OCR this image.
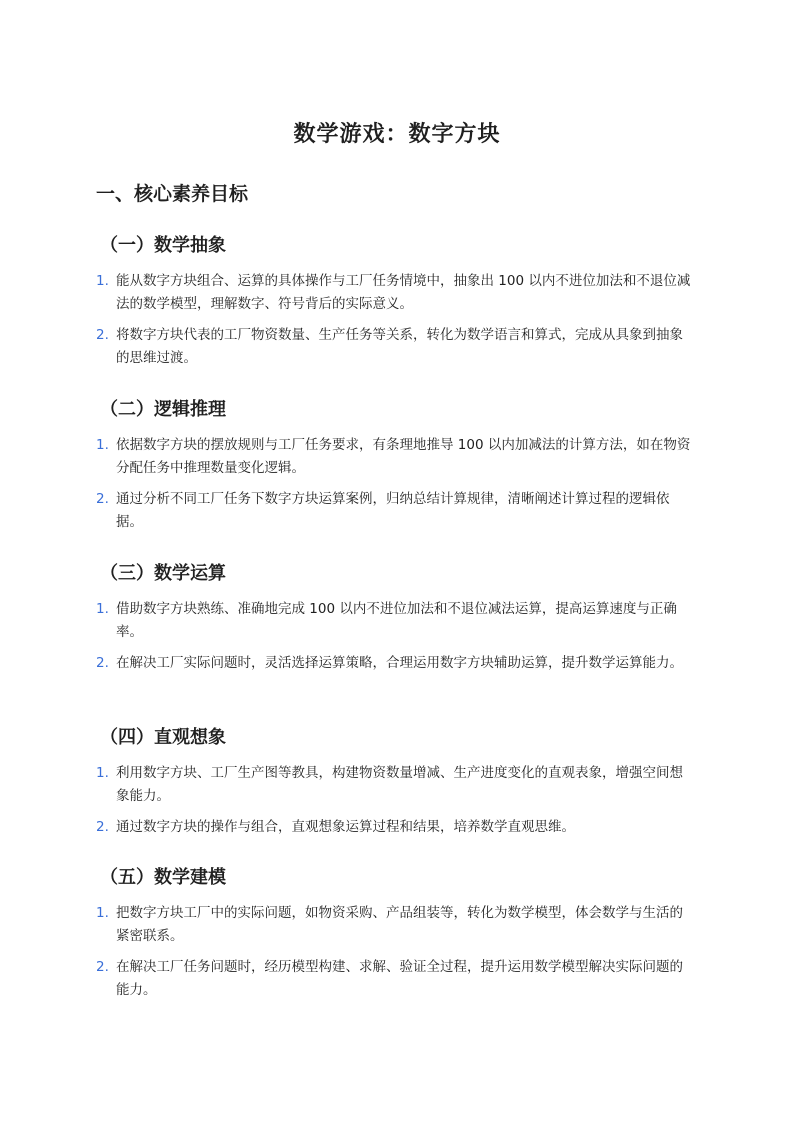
数学游戏：数字方块
一、核心素养目标
（一）数学抽象
1. 能从数字方块组合、运算的具体操作与工厂任务情境中，抽象出 100 以内不进位加法和不退位减法的数学模型，理解数字、符号背后的实际意义。
2. 将数字方块代表的工厂物资数量、生产任务等关系，转化为数学语言和算式，完成从具象到抽象的思维过渡。
（二）逻辑推理
1. 依据数字方块的摆放规则与工厂任务要求，有条理地推导 100 以内加减法的计算方法，如在物资分配任务中推理数量变化逻辑。
2. 通过分析不同工厂任务下数字方块运算案例，归纳总结计算规律，清晰阐述计算过程的逻辑依据。
（三）数学运算
1. 借助数字方块熟练、准确地完成 100 以内不进位加法和不退位减法运算，提高运算速度与正确率。
2. 在解决工厂实际问题时，灵活选择运算策略，合理运用数字方块辅助运算，提升数学运算能力。
（四）直观想象
1. 利用数字方块、工厂生产图等教具，构建物资数量增减、生产进度变化的直观表象，增强空间想象能力。
2. 通过数字方块的操作与组合，直观想象运算过程和结果，培养数学直观思维。
（五）数学建模
1. 把数字方块工厂中的实际问题，如物资采购、产品组装等，转化为数学模型，体会数学与生活的紧密联系。
2. 在解决工厂任务问题时，经历模型构建、求解、验证全过程，提升运用数学模型解决实际问题的能力。
